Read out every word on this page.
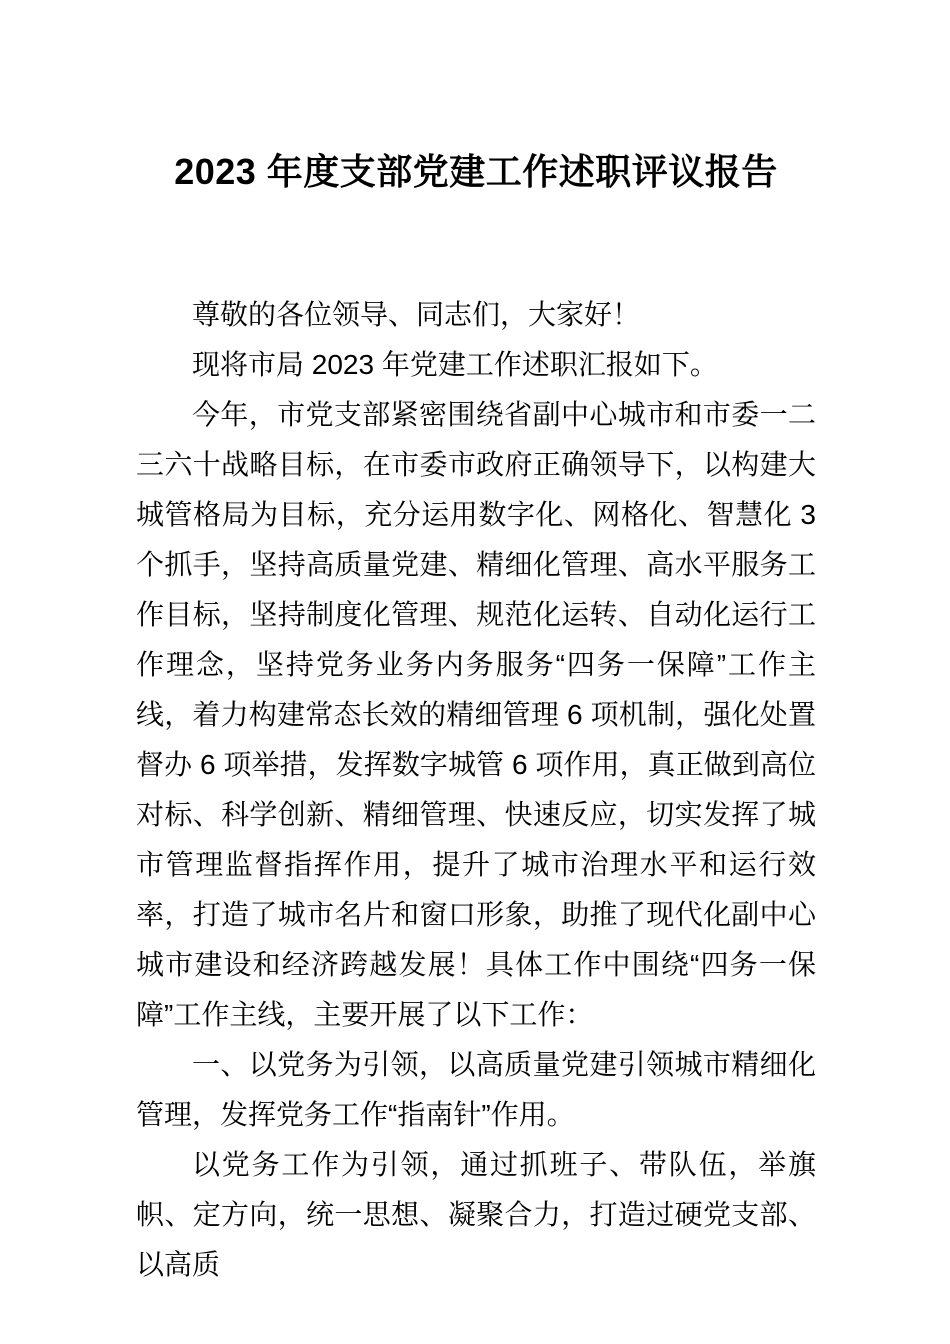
2023 年度支部党建工作述职评议报告

尊敬的各位领导、同志们，大家好！

现将市局 2023 年党建工作述职汇报如下。

今年，市党支部紧密围绕省副中心城市和市委一二三六十战略目标，在市委市政府正确领导下，以构建大城管格局为目标，充分运用数字化、网格化、智慧化 3 个抓手，坚持高质量党建、精细化管理、高水平服务工作目标，坚持制度化管理、规范化运转、自动化运行工作理念，坚持党务业务内务服务“四务一保障”工作主线，着力构建常态长效的精细管理 6 项机制，强化处置督办 6 项举措，发挥数字城管 6 项作用，真正做到高位对标、科学创新、精细管理、快速反应，切实发挥了城市管理监督指挥作用，提升了城市治理水平和运行效率，打造了城市名片和窗口形象，助推了现代化副中心城市建设和经济跨越发展！具体工作中围绕“四务一保障”工作主线，主要开展了以下工作：

一、以党务为引领，以高质量党建引领城市精细化管理，发挥党务工作“指南针”作用。

以党务工作为引领，通过抓班子、带队伍，举旗帜、定方向，统一思想、凝聚合力，打造过硬党支部、以高质
